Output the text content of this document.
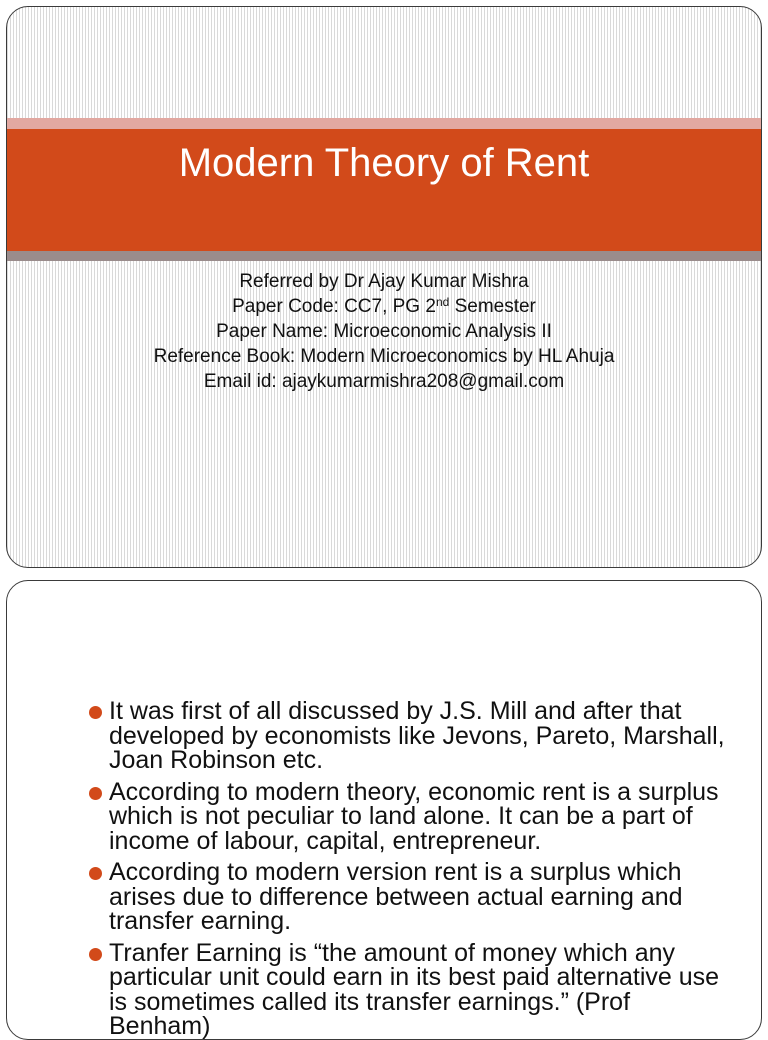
Modern Theory of Rent
Referred by Dr Ajay Kumar Mishra
Paper Code: CC7, PG 2nd Semester
Paper Name: Microeconomic Analysis II
Reference Book: Modern Microeconomics by HL Ahuja
Email id: ajaykumarmishra208@gmail.com
It was first of all discussed by J.S. Mill and after that developed by economists like Jevons, Pareto, Marshall, Joan Robinson etc.
According to modern theory, economic rent is a surplus which is not peculiar to land alone. It can be a part of income of labour, capital, entrepreneur.
According to modern version rent is a surplus which arises due to difference between actual earning and transfer earning.
Tranfer Earning is “the amount of money which any particular unit could earn in its best paid alternative use is sometimes called its transfer earnings.” (Prof Benham)
